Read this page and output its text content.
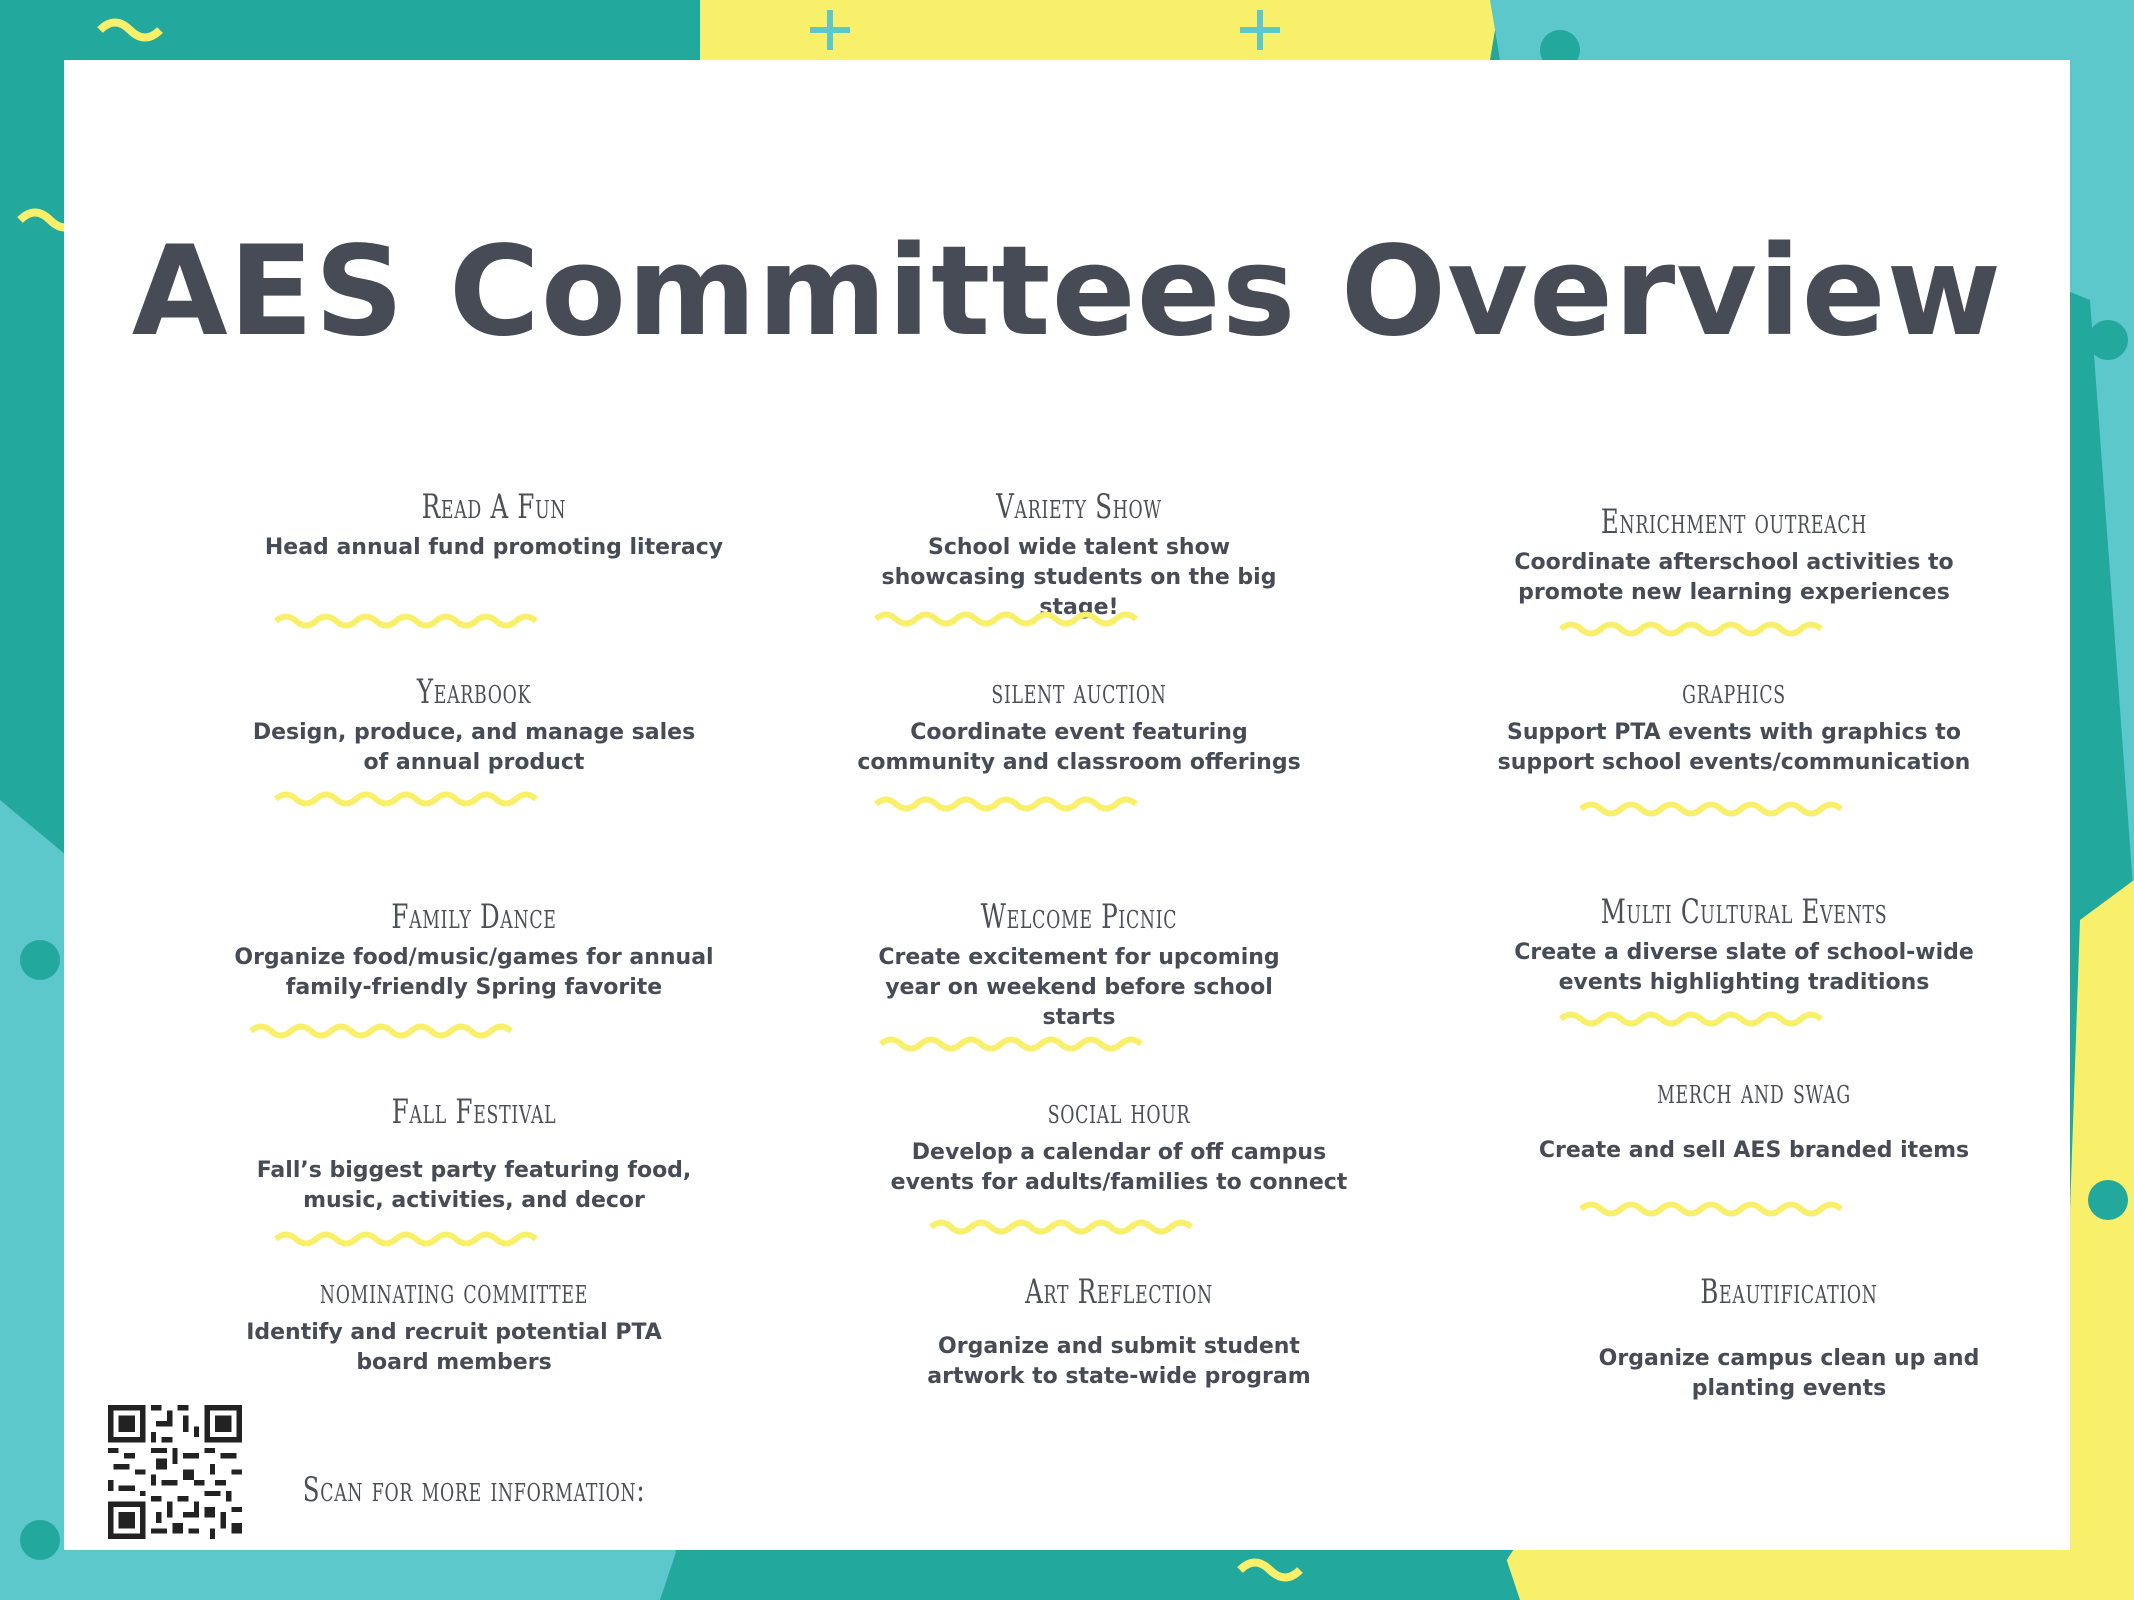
AES Committees Overview

Read A Fun

Head annual fund promoting literacy

Variety Show

School wide talent show showcasing students on the big stage!

Enrichment outreach

Coordinate afterschool activities to promote new learning experiences

Yearbook

Design, produce, and manage sales of annual product

silent auction

Coordinate event featuring community and classroom offerings

graphics

Support PTA events with graphics to support school events/communication

Family Dance

Organize food/music/games for annual family-friendly Spring favorite

Welcome Picnic

Create excitement for upcoming year on weekend before school starts

Multi Cultural Events

Create a diverse slate of school-wide events highlighting traditions

Fall Festival

Fall’s biggest party featuring food, music, activities, and decor

social hour

Develop a calendar of off campus events for adults/families to connect

merch and swag

Create and sell AES branded items

nominating committee

Identify and recruit potential PTA board members

Art Reflection

Organize and submit student artwork to state-wide program

Beautification

Organize campus clean up and planting events

Scan for more information:
